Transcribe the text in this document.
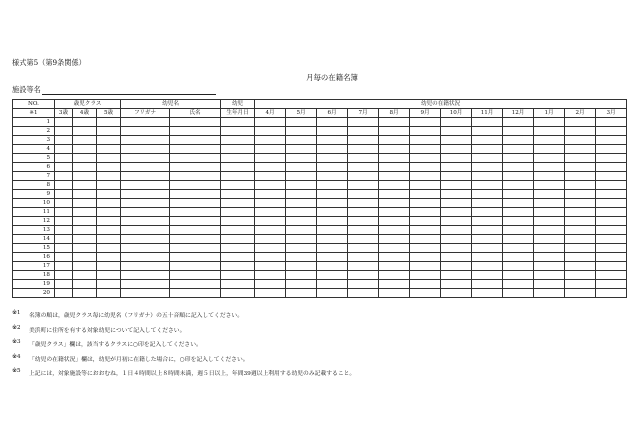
様式第5（第9条関係）
月毎の在籍名簿
施設等名
NO.	歳児クラス			幼児名		幼児	幼児の在籍状況											
※1	3歳	4歳	5歳	フリガナ	氏名	生年月日	4月	5月	6月	7月	8月	9月	10月	11月	12月	1月	2月	3月
1																		
2																		
3																		
4																		
5																		
6																		
7																		
8																		
9																		
10																		
11																		
12																		
13																		
14																		
15																		
16																		
17																		
18																		
19																		
20																		
※1	名簿の順は，歳児クラス毎に幼児名（フリガナ）の五十音順に記入してください。
※2	美浜町に住所を有する対象幼児について記入してください。
※3	「歳児クラス」欄は，該当するクラスに○印を記入してください。
※4	「幼児の在籍状況」欄は，幼児が月初に在籍した場合に，○印を記入してください。
※5	上記には，対象施設等におおむね，１日４時間以上８時間未満，週５日以上，年間39週以上利用する幼児のみ記載すること。
